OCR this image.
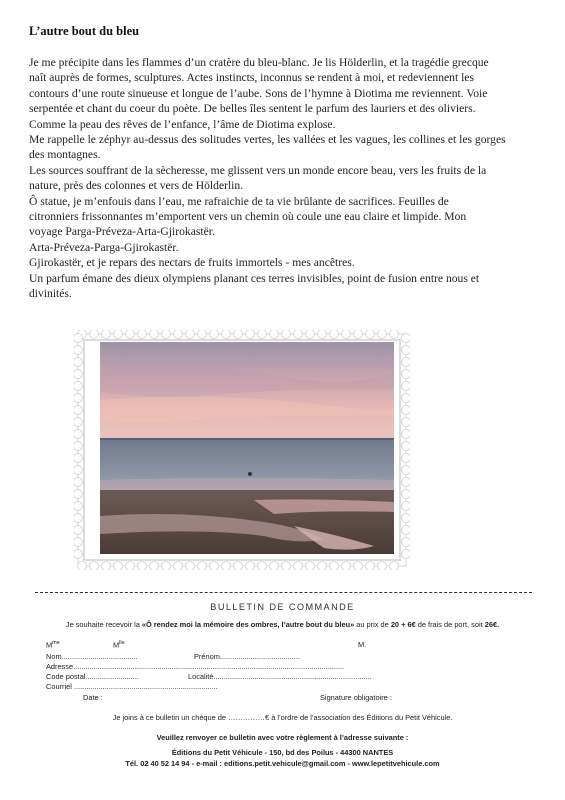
L’autre bout du bleu

Je me précipite dans les flammes d’un cratère du bleu-blanc. Je lis Hölderlin, et la tragédie grecque

naît auprès de formes, sculptures. Actes instincts, inconnus se rendent à moi, et redeviennent les

contours d’une route sinueuse et longue de l’aube. Sons de l’hymne à Diotima me reviennent. Voie

serpentée et chant du coeur du poète. De belles îles sentent le parfum des lauriers et des oliviers.

Comme la peau des rêves de l’enfance, l’âme de Diotima explose.

Me rappelle le zéphyr au-dessus des solitudes vertes, les vallées et les vagues, les collines et les gorges

des montagnes.

Les sources souffrant de la sècheresse, me glissent vers un monde encore beau, vers les fruits de la

nature, près des colonnes et vers de Hölderlin.

Ô statue, je m’enfouis dans l’eau, me rafraichie de ta vie brûlante de sacrifices. Feuilles de

citronniers frissonnantes m’emportent vers un chemin où coule une eau claire et limpide. Mon

voyage Parga-Préveza-Arta-Gjirokastër.

Arta-Préveza-Parga-Gjirokastër.

Gjirokastër, et je repars des nectars de fruits immortels - mes ancêtres.

Un parfum émane des dieux olympiens planant ces terres invisibles, point de fusion entre nous et

divinités.

BULLETIN DE COMMANDE
Je souhaite recevoir la «Ô rendez moi la mémoire des ombres, l’autre bout du bleu» au prix de 20 + 6€ de frais de port, soit 26€.
$M^{me}$	$M^{lle}$	M.
Nom.....................................	Prénom.......................................
Adresse....................................................................................................................................
Code postal..........................	Localité.............................................................................
Courriel ......................................................................
Date :	Signature obligatoire :
Je joins à ce bulletin un chèque de ……………€ à l’ordre de l’association des Éditions du Petit Véhicule.
Veuillez renvoyer ce bulletin avec votre règlement à l’adresse suivante :
Éditions du Petit Véhicule - 150, bd des Poilus - 44300 NANTES
Tél. 02 40 52 14 94 - e-mail : editions.petit.vehicule@gmail.com - www.lepetitvehicule.com
